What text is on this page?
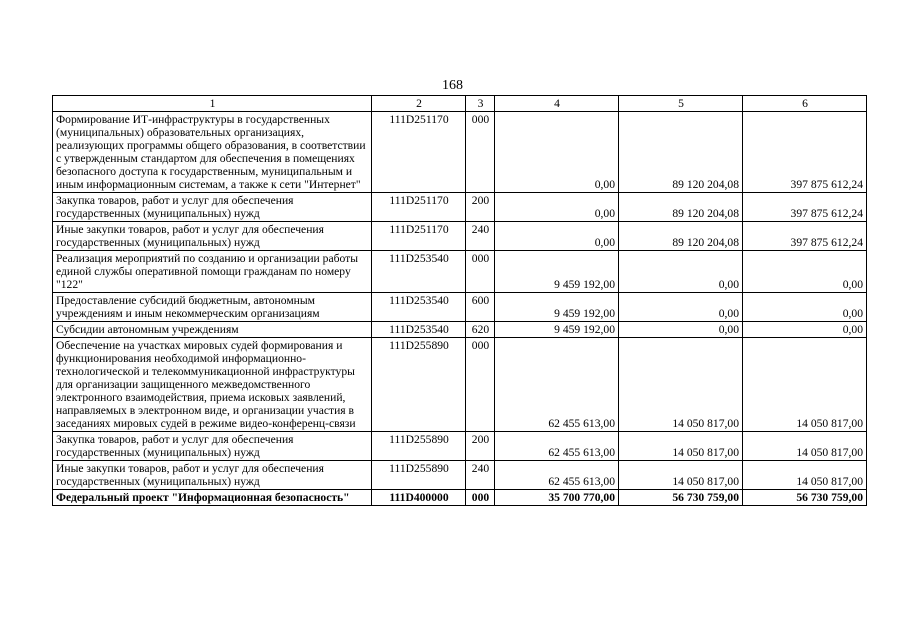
168
1	2	3	4	5	6
Формирование ИТ-инфраструктуры в государственных (муниципальных) образовательных организациях, реализующих программы общего образования, в соответствии с утвержденным стандартом для обеспечения в помещениях безопасного доступа к государственным, муниципальным и иным информационным системам, а также к сети "Интернет"	111D251170	000	0,00	89 120 204,08	397 875 612,24
Закупка товаров, работ и услуг для обеспечения государственных (муниципальных) нужд	111D251170	200	0,00	89 120 204,08	397 875 612,24
Иные закупки товаров, работ и услуг для обеспечения государственных (муниципальных) нужд	111D251170	240	0,00	89 120 204,08	397 875 612,24
Реализация мероприятий по созданию и организации работы единой службы оперативной помощи гражданам по номеру "122"	111D253540	000	9 459 192,00	0,00	0,00
Предоставление субсидий бюджетным, автономным учреждениям и иным некоммерческим организациям	111D253540	600	9 459 192,00	0,00	0,00
Субсидии автономным учреждениям	111D253540	620	9 459 192,00	0,00	0,00
Обеспечение на участках мировых судей формирования и функционирования необходимой информационно-технологической и телекоммуникационной инфраструктуры для организации защищенного межведомственного электронного взаимодействия, приема исковых заявлений, направляемых в электронном виде, и организации участия в заседаниях мировых судей в режиме видео-конференц-связи	111D255890	000	62 455 613,00	14 050 817,00	14 050 817,00
Закупка товаров, работ и услуг для обеспечения государственных (муниципальных) нужд	111D255890	200	62 455 613,00	14 050 817,00	14 050 817,00
Иные закупки товаров, работ и услуг для обеспечения государственных (муниципальных) нужд	111D255890	240	62 455 613,00	14 050 817,00	14 050 817,00
Федеральный проект "Информационная безопасность"	111D400000	000	35 700 770,00	56 730 759,00	56 730 759,00
